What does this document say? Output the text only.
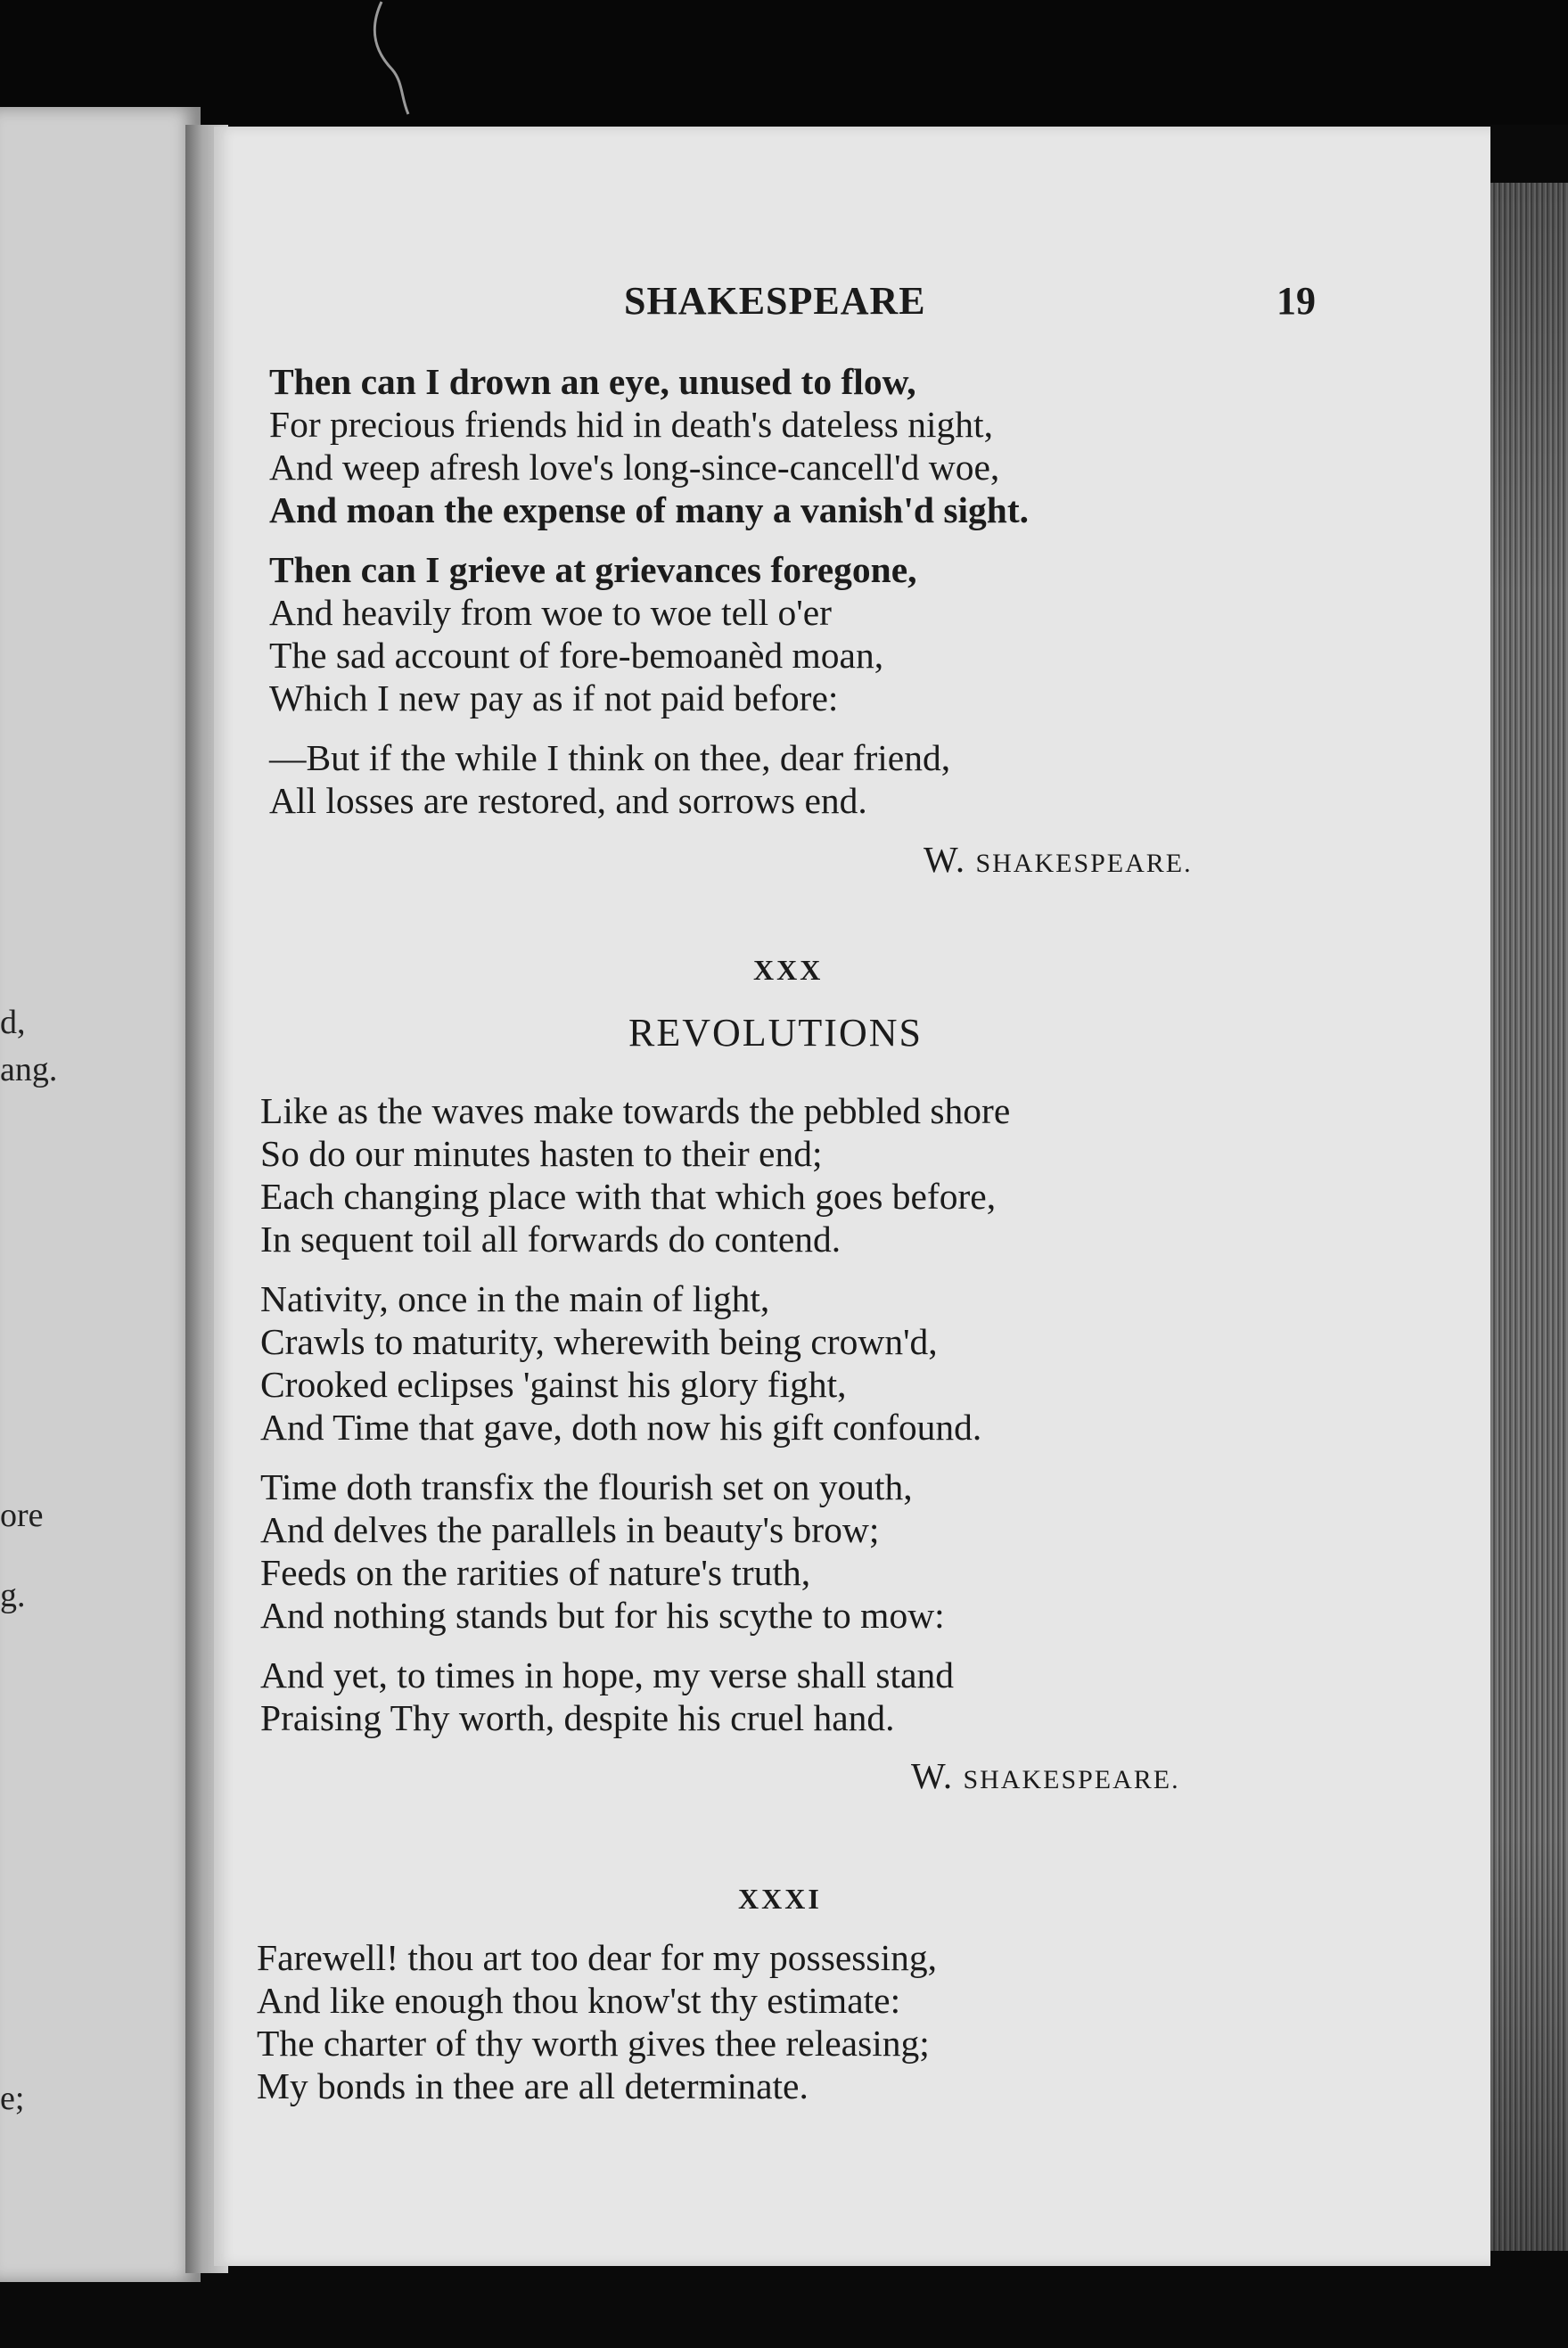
d,
ang.
ore
g.
e;
SHAKESPEARE	19
Then can I drown an eye, unused to flow,
For precious friends hid in death's dateless night,
And weep afresh love's long-since-cancell'd woe,
And moan the expense of many a vanish'd sight.
Then can I grieve at grievances foregone,
And heavily from woe to woe tell o'er
The sad account of fore-bemoanèd moan,
Which I new pay as if not paid before:
—But if the while I think on thee, dear friend,
All losses are restored, and sorrows end.
W. SHAKESPEARE.
XXX
REVOLUTIONS
Like as the waves make towards the pebbled shore
So do our minutes hasten to their end;
Each changing place with that which goes before,
In sequent toil all forwards do contend.
Nativity, once in the main of light,
Crawls to maturity, wherewith being crown'd,
Crooked eclipses 'gainst his glory fight,
And Time that gave, doth now his gift confound.
Time doth transfix the flourish set on youth,
And delves the parallels in beauty's brow;
Feeds on the rarities of nature's truth,
And nothing stands but for his scythe to mow:
And yet, to times in hope, my verse shall stand
Praising Thy worth, despite his cruel hand.
W. SHAKESPEARE.
XXXI
Farewell! thou art too dear for my possessing,
And like enough thou know'st thy estimate:
The charter of thy worth gives thee releasing;
My bonds in thee are all determinate.
